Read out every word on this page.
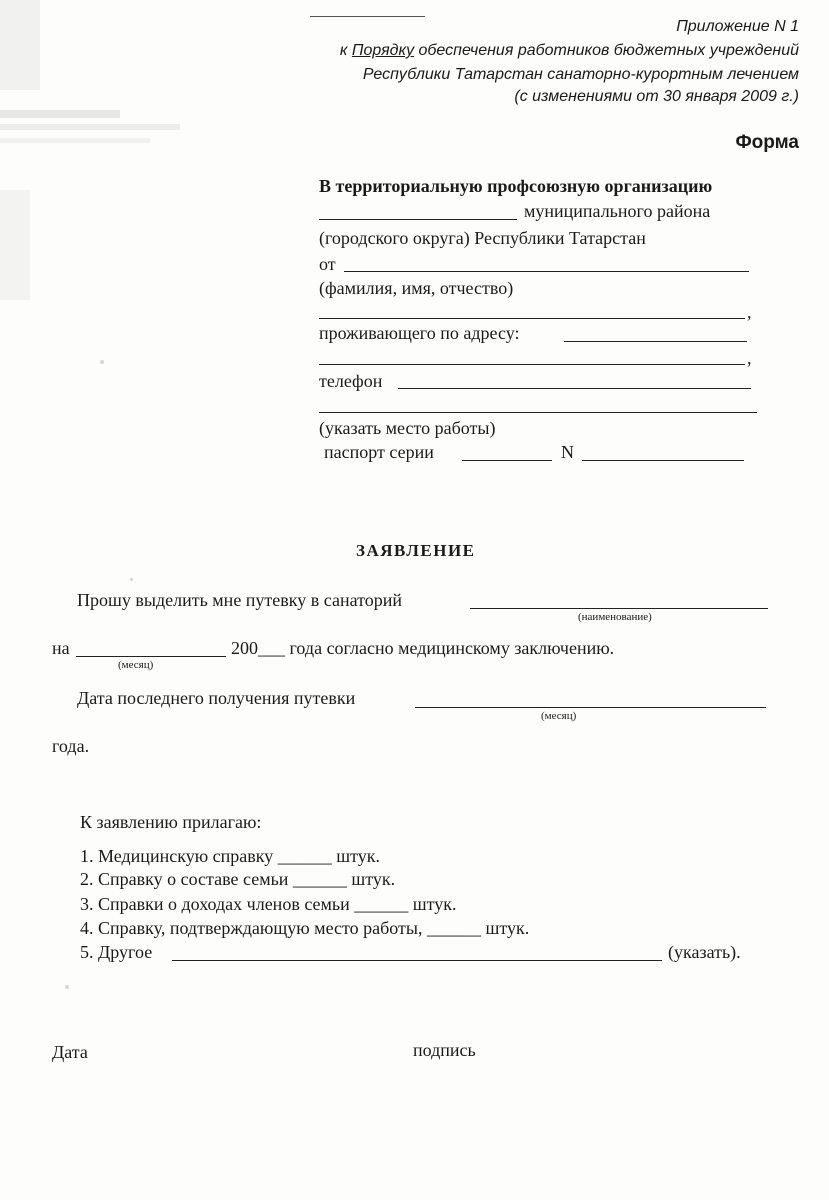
Приложение N 1
к Порядку обеспечения работников бюджетных учреждений
Республики Татарстан санаторно-курортным лечением
(с изменениями от 30 января 2009 г.)
Форма
В территориальную профсоюзную организацию
муниципального района
(городского округа) Республики Татарстан
от
(фамилия, имя, отчество)
,
проживающего по адресу:
,
телефон
(указать место работы)
паспорт серии	N
ЗАЯВЛЕНИЕ
Прошу выделить мне путевку в санаторий
(наименование)
на
(месяц)
200___ года согласно медицинскому заключению.
Дата последнего получения путевки
(месяц)
года.
К заявлению прилагаю:
1. Медицинскую справку ______ штук.
2. Справку о составе семьи ______ штук.
3. Справки о доходах членов семьи ______ штук.
4. Справку, подтверждающую место работы, ______ штук.
5. Другое	(указать).
Дата	подпись
